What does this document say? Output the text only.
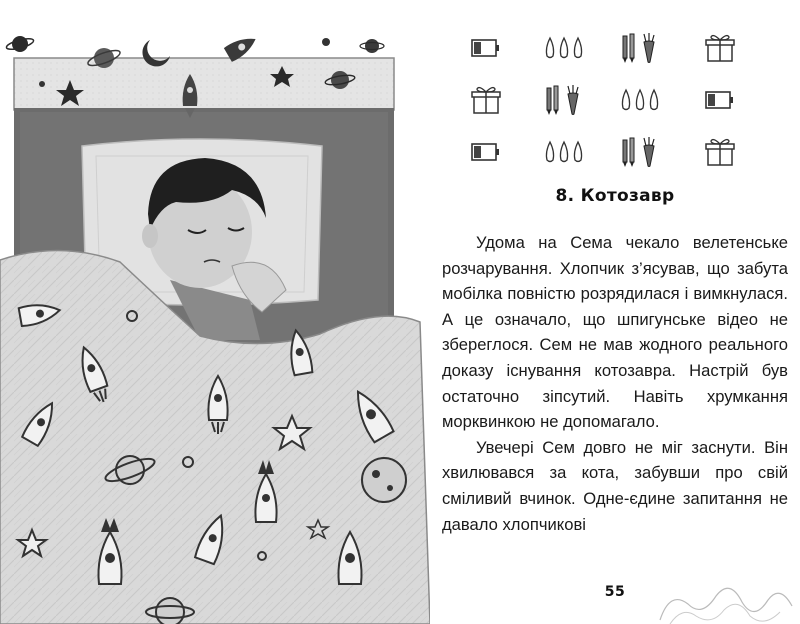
8. Котозавр

Удома на Сема чекало велетенське розчарування. Хлопчик з’ясував, що забута мобілка повністю розрядилася і вимкнулася. А це означало, що шпигунське відео не збереглося. Сем не мав жодного реального доказу існування котозавра. Настрій був остаточно зіпсутий. Навіть хрумкання морквинкою не допомагало.

Увечері Сем довго не міг заснути. Він хвилювався за кота, забувши про свій сміливий вчинок. Одне-єдине запитання не давало хлопчикові

55
